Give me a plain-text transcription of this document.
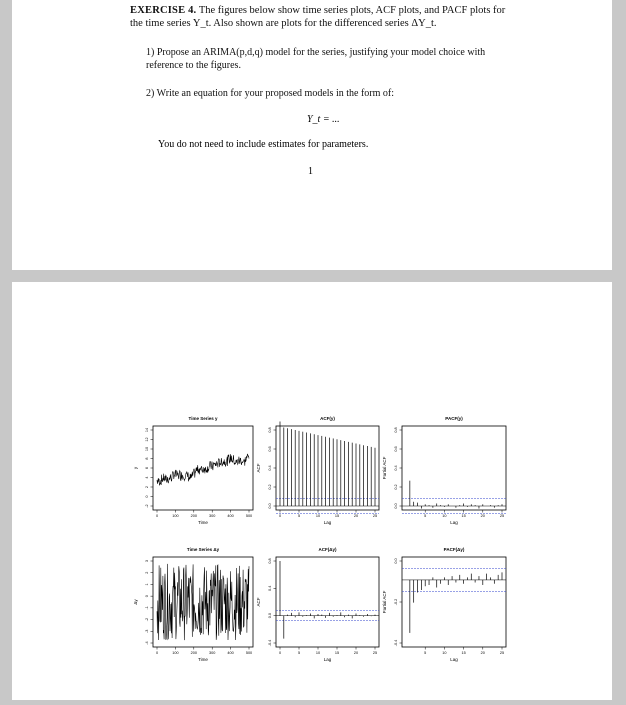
EXERCISE 4. The figures below show time series plots, ACF plots, and PACF plots for the time series Y_t. Also shown are plots for the differenced series ΔY_t.
1) Propose an ARIMA(p,d,q) model for the series, justifying your model choice with reference to the figures.
2) Write an equation for your proposed models in the form of:
Y_t = ...
You do not need to include estimates for parameters.
1
Time Series y
Time
y
0	100	200	300	400	500
-2
0
2
4
6
8
10
12
14
ACF(y)
Lag
ACF
0	5	10	15	20	25
0.0
0.2
0.4
0.6
0.8
PACF(y)
Lag
Partial ACF
5	10	15	20	25
0.0
0.2
0.4
0.6
0.8
Time Series Δy
Time
Δy
0	100	200	300	400	500
-4
-3
-2
-1
0
1
2
3
ACF(Δy)
Lag
ACF
0	5	10	15	20	25
-0.4
0.0
0.4
0.8
PACF(Δy)
Lag
Partial ACF
5	10	15	20	25
-0.4
-0.2
0.0
